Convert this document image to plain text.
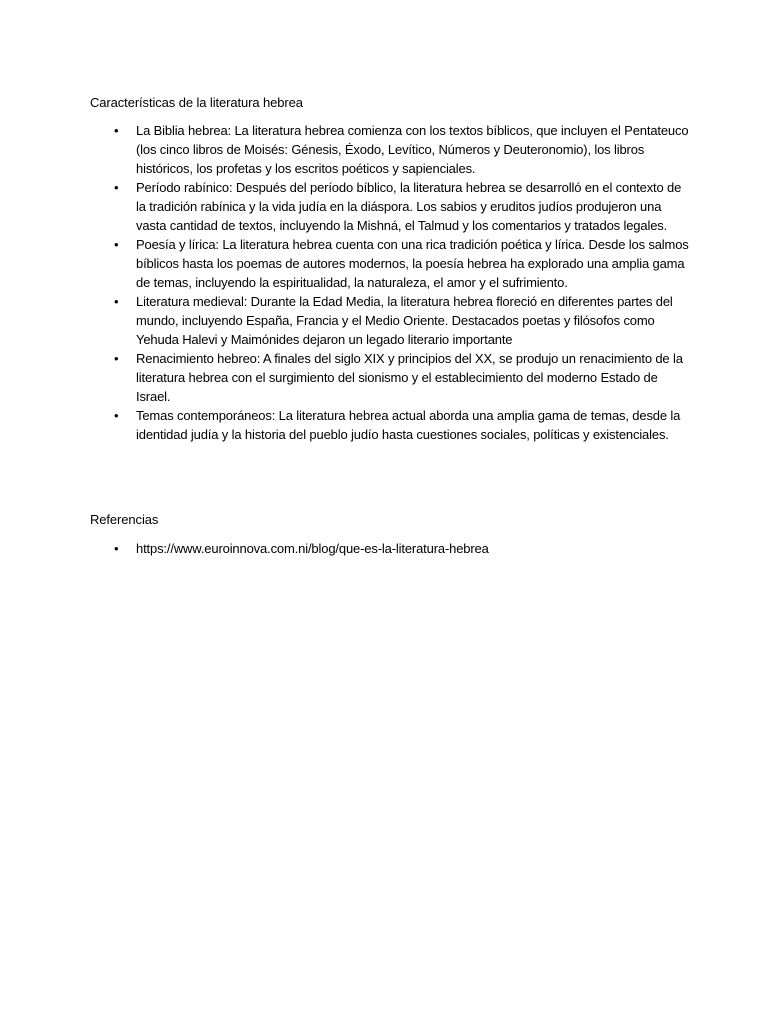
Características de la literatura hebrea
• La Biblia hebrea: La literatura hebrea comienza con los textos bíblicos, que incluyen el Pentateuco (los cinco libros de Moisés: Génesis, Éxodo, Levítico, Números y Deuteronomio), los libros históricos, los profetas y los escritos poéticos y sapienciales.
• Período rabínico: Después del período bíblico, la literatura hebrea se desarrolló en el contexto de la tradición rabínica y la vida judía en la diáspora. Los sabios y eruditos judíos produjeron una vasta cantidad de textos, incluyendo la Mishná, el Talmud y los comentarios y tratados legales.
• Poesía y lírica: La literatura hebrea cuenta con una rica tradición poética y lírica. Desde los salmos bíblicos hasta los poemas de autores modernos, la poesía hebrea ha explorado una amplia gama de temas, incluyendo la espiritualidad, la naturaleza, el amor y el sufrimiento.
• Literatura medieval: Durante la Edad Media, la literatura hebrea floreció en diferentes partes del mundo, incluyendo España, Francia y el Medio Oriente. Destacados poetas y filósofos como Yehuda Halevi y Maimónides dejaron un legado literario importante
• Renacimiento hebreo: A finales del siglo XIX y principios del XX, se produjo un renacimiento de la literatura hebrea con el surgimiento del sionismo y el establecimiento del moderno Estado de Israel.
• Temas contemporáneos: La literatura hebrea actual aborda una amplia gama de temas, desde la identidad judía y la historia del pueblo judío hasta cuestiones sociales, políticas y existenciales.
Referencias
• https://www.euroinnova.com.ni/blog/que-es-la-literatura-hebrea
